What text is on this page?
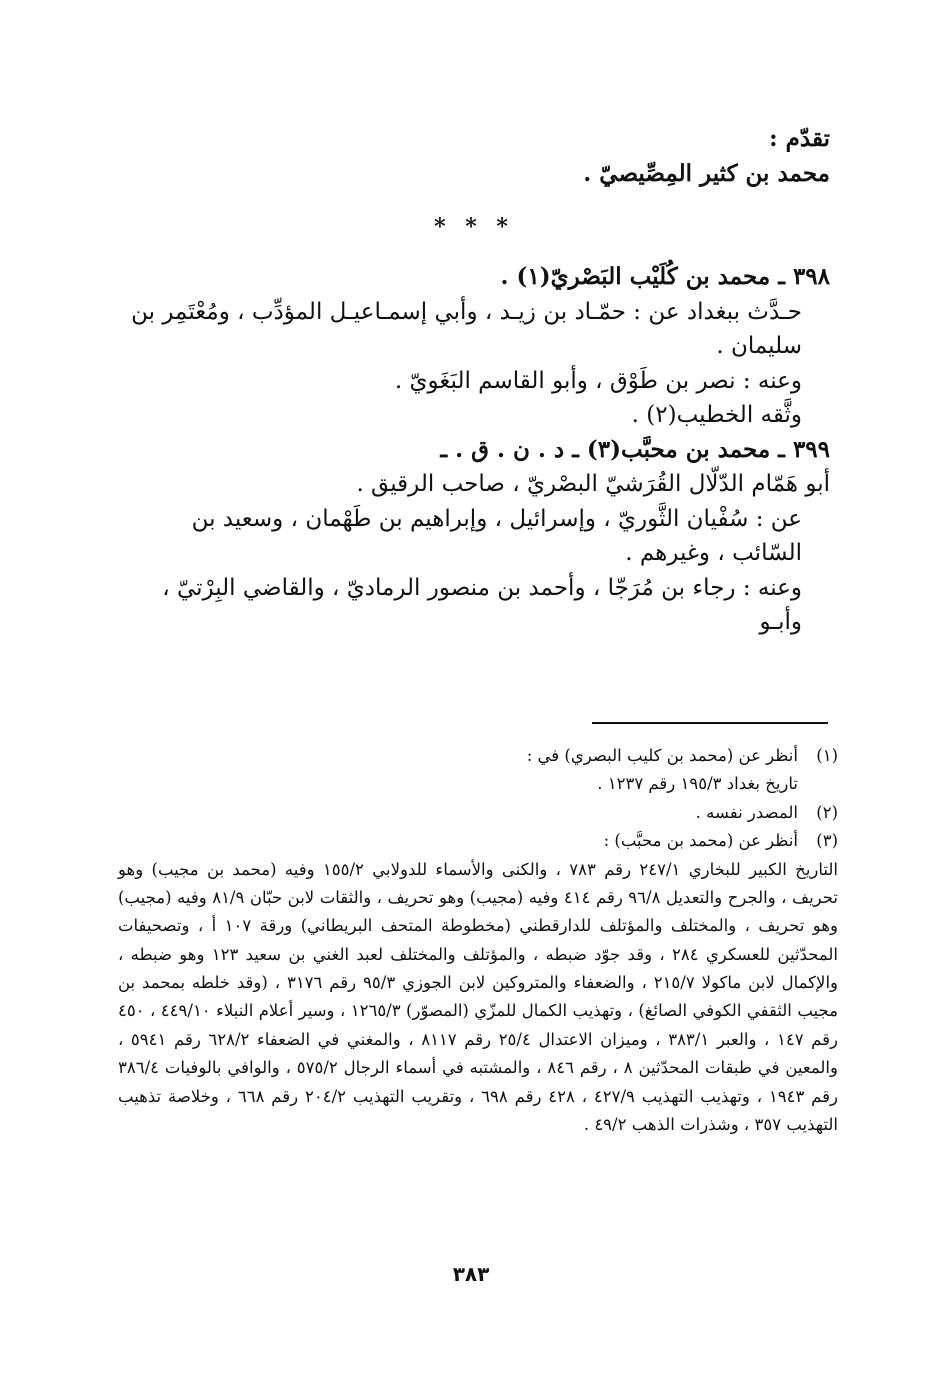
تقدّم :

محمد بن كثير المِصِّيصيّ .

* * *

٣٩٨ ـ محمد بن كُلَيْب البَصْريّ(١) .

حـدَّث ببغداد عن : حمّـاد بن زيـد ، وأبي إسمـاعيـل المؤدِّب ، ومُعْتَمِر بن سليمان .

وعنه : نصر بن طَوْق ، وأبو القاسم البَغَويّ .

وثَّقه الخطيب(٢) .

٣٩٩ ـ محمد بن محبَّب(٣) ـ د . ن . ق . ـ

أبو هَمّام الدّلّال القُرَشيّ البصْريّ ، صاحب الرقيق .

عن : سُفْيان الثَّوريّ ، وإسرائيل ، وإبراهيم بن طَهْمان ، وسعيد بن السّائب ، وغيرهم .

وعنه : رجاء بن مُرَجّا ، وأحمد بن منصور الرماديّ ، والقاضي البِرْتيّ ، وأبـو

(١)
أنظر عن (محمد بن كليب البصري) في :
تاريخ بغداد ١٩٥/٣ رقم ١٢٣٧ .
(٢)
المصدر نفسه .
(٣)
أنظر عن (محمد بن محبَّب) :
التاريخ الكبير للبخاري ٢٤٧/١ رقم ٧٨٣ ، والكنى والأسماء للدولابي ١٥٥/٢ وفيه (محمد بن مجيب) وهو تحريف ، والجرح والتعديل ٩٦/٨ رقم ٤١٤ وفيه (مجيب) وهو تحريف ، والثقات لابن حبّان ٨١/٩ وفيه (مجيب) وهو تحريف ، والمختلف والمؤتلف للدارقطني (مخطوطة المتحف البريطاني) ورقة ١٠٧ أ ، وتصحيفات المحدّثين للعسكري ٢٨٤ ، وقد جوّد ضبطه ، والمؤتلف والمختلف لعبد الغني بن سعيد ١٢٣ وهو ضبطه ، والإكمال لابن ماكولا ٢١٥/٧ ، والضعفاء والمتروكين لابن الجوزي ٩٥/٣ رقم ٣١٧٦ ، (وقد خلطه بمحمد بن مجيب الثقفي الكوفي الصائغ) ، وتهذيب الكمال للمزّي (المصوّر) ١٢٦٥/٣ ، وسير أعلام النبلاء ٤٤٩/١٠ ، ٤٥٠ رقم ١٤٧ ، والعبر ٣٨٣/١ ، وميزان الاعتدال ٢٥/٤ رقم ٨١١٧ ، والمغني في الضعفاء ٦٢٨/٢ رقم ٥٩٤١ ، والمعين في طبقات المحدّثين ٨ ، رقم ٨٤٦ ، والمشتبه في أسماء الرجال ٥٧٥/٢ ، والوافي بالوفيات ٣٨٦/٤ رقم ١٩٤٣ ، وتهذيب التهذيب ٤٢٧/٩ ، ٤٢٨ رقم ٦٩٨ ، وتقريب التهذيب ٢٠٤/٢ رقم ٦٦٨ ، وخلاصة تذهيب التهذيب ٣٥٧ ، وشذرات الذهب ٤٩/٢ .
٣٨٣
